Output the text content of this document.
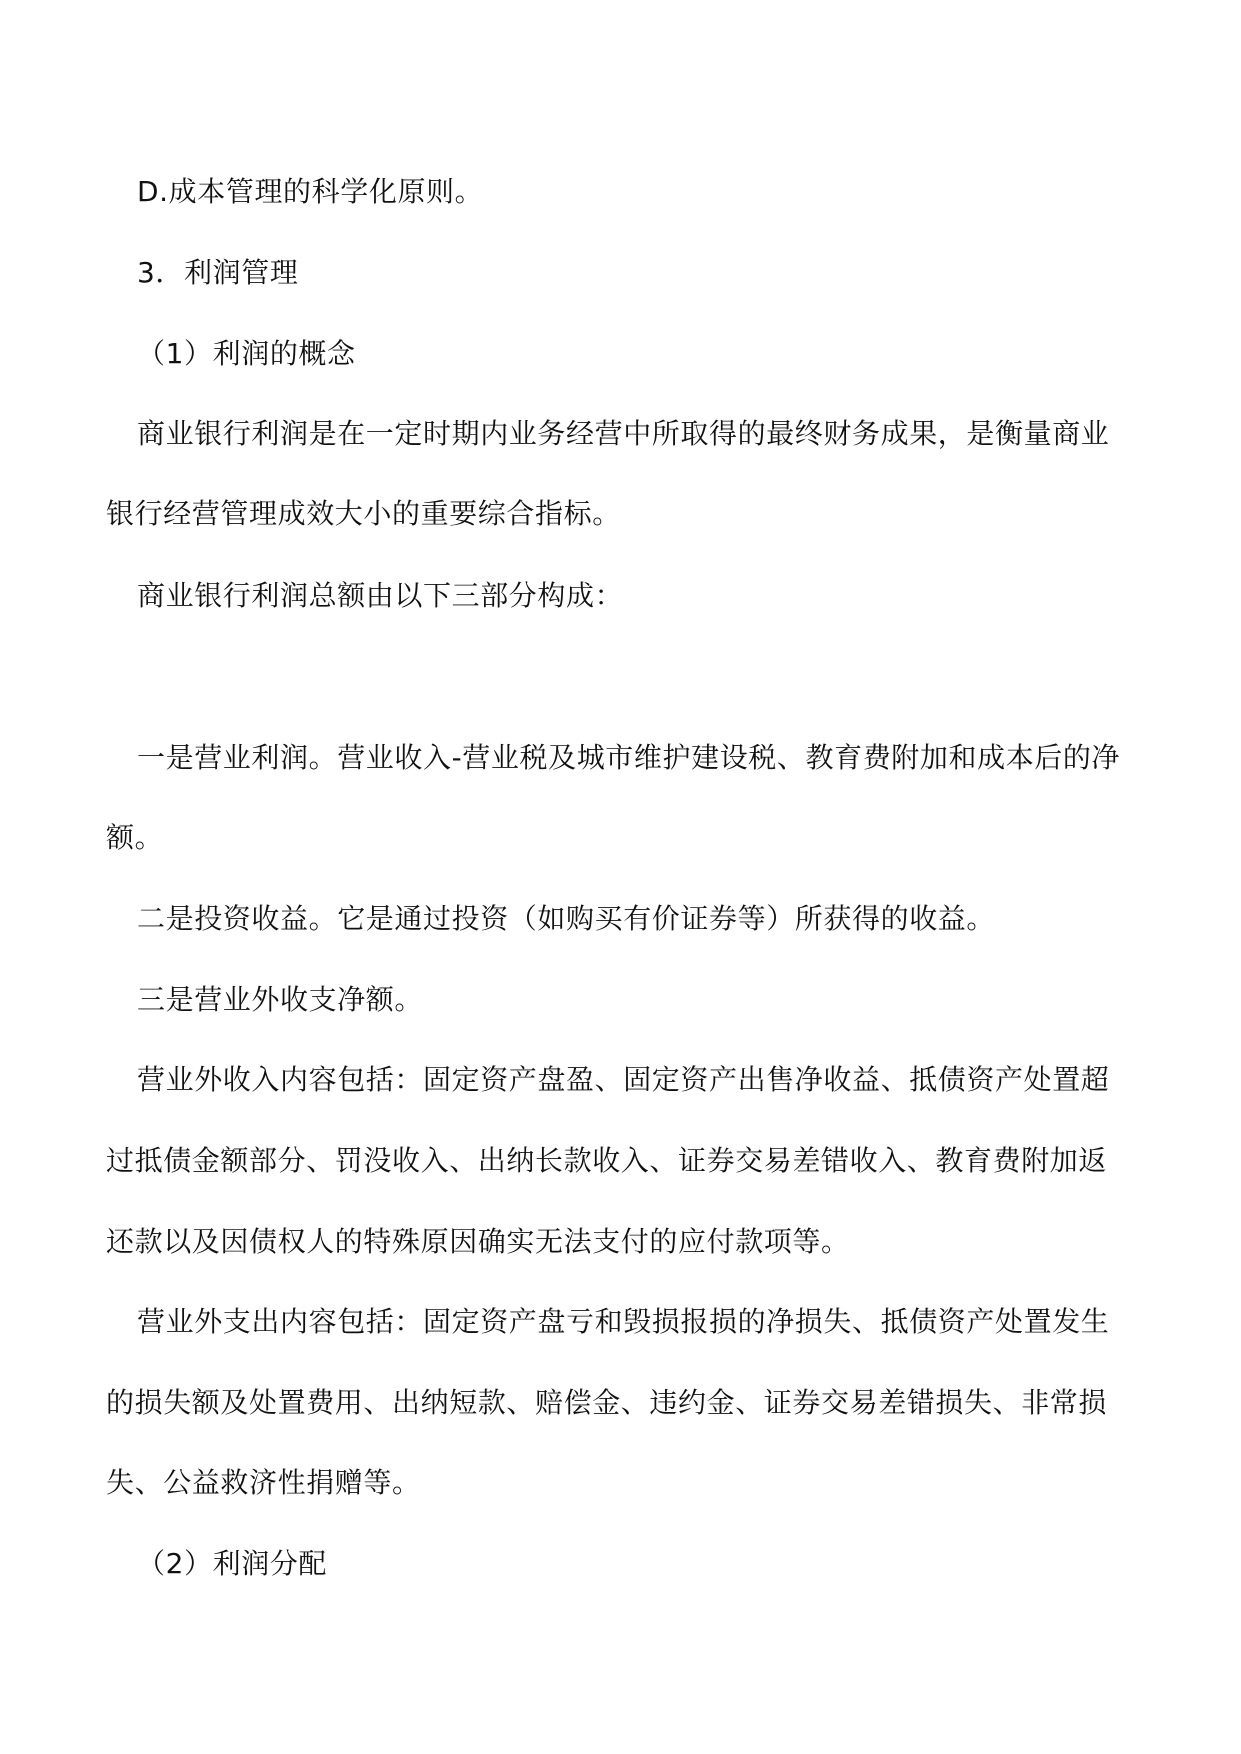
D.成本管理的科学化原则。
3．利润管理
（1）利润的概念
商业银行利润是在一定时期内业务经营中所取得的最终财务成果，是衡量商业
银行经营管理成效大小的重要综合指标。
商业银行利润总额由以下三部分构成：
一是营业利润。营业收入-营业税及城市维护建设税、教育费附加和成本后的净
额。
二是投资收益。它是通过投资（如购买有价证券等）所获得的收益。
三是营业外收支净额。
营业外收入内容包括：固定资产盘盈、固定资产出售净收益、抵债资产处置超
过抵债金额部分、罚没收入、出纳长款收入、证券交易差错收入、教育费附加返
还款以及因债权人的特殊原因确实无法支付的应付款项等。
营业外支出内容包括：固定资产盘亏和毁损报损的净损失、抵债资产处置发生
的损失额及处置费用、出纳短款、赔偿金、违约金、证券交易差错损失、非常损
失、公益救济性捐赠等。
（2）利润分配
